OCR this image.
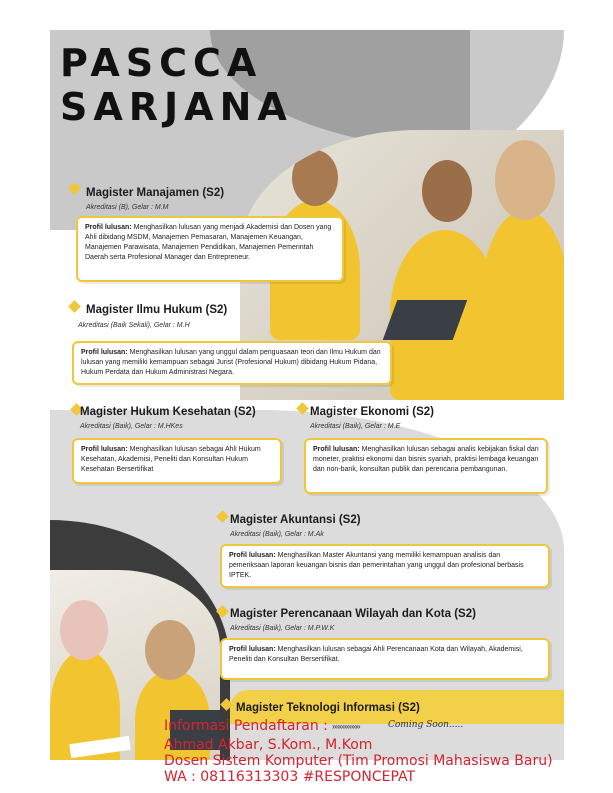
PASCCA
SARJANA
Magister Manajamen (S2)
Akreditasi (B), Gelar : M.M
Profil lulusan: Menghasilkan lulusan yang menjadi Akademisi dan Dosen yang Ahli dibidang MSDM, Manajemen Pemasaran, Manajemen Keuangan, Manajemen Parawisata, Manajemen Pendidikan, Manajemen Pemerintah Daerah serta Profesional Manager dan Entrepreneur.
Magister Ilmu Hukum (S2)
Akreditasi (Baik Sekali), Gelar : M.H
Profil lulusan: Menghasilkan lulusan yang unggul dalam penguasaan teori dan Ilmu Hukum dan lulusan yang memiliki kemampuan sebagai Jurist (Profesional Hukum) dibidang Hukum Pidana, Hukum Perdata dan Hukum Administrasi Negara.
Magister Hukum Kesehatan (S2)
Akreditasi (Baik), Gelar : M.HKes
Profil lulusan: Menghasilkan lulusan sebagai Ahli Hukum Kesehatan, Akademisi, Peneliti dan Konsultan Hukum Kesehatan Bersertifikat
Magister Ekonomi (S2)
Akreditasi (Baik), Gelar : M.E
Profil lulusan: Menghasilkan lulusan sebagai analis kebijakan fiskal dan moneter, praktisi ekonomi dan bisnis syariah, praktisi lembaga keuangan dan non-bank, konsultan publik dan perencana pembangunan.
Magister Akuntansi (S2)
Akreditasi (Baik), Gelar : M.Ak
Profil lulusan: Menghasilkan Master Akuntansi yang memiliki kemampuan analisis dan pemeriksaan laporan keuangan bisnis dan pemerintahan yang unggul dan profesional berbasis IPTEK.
Magister Perencanaan Wilayah dan Kota (S2)
Akreditasi (Baik), Gelar : M.P.W.K
Profil lulusan: Menghasilkan lulusan sebagai Ahli Perencanaan Kota dan Wilayah, Akademisi, Peneliti dan Konsultan Bersertifikat.
Magister Teknologi Informasi (S2)
»»»»»»»»	Coming Soon.....
Informasi Pendaftaran :
Ahmad Akbar, S.Kom., M.Kom
Dosen Sistem Komputer (Tim Promosi Mahasiswa Baru)
WA : 08116313303 #RESPONCEPAT
